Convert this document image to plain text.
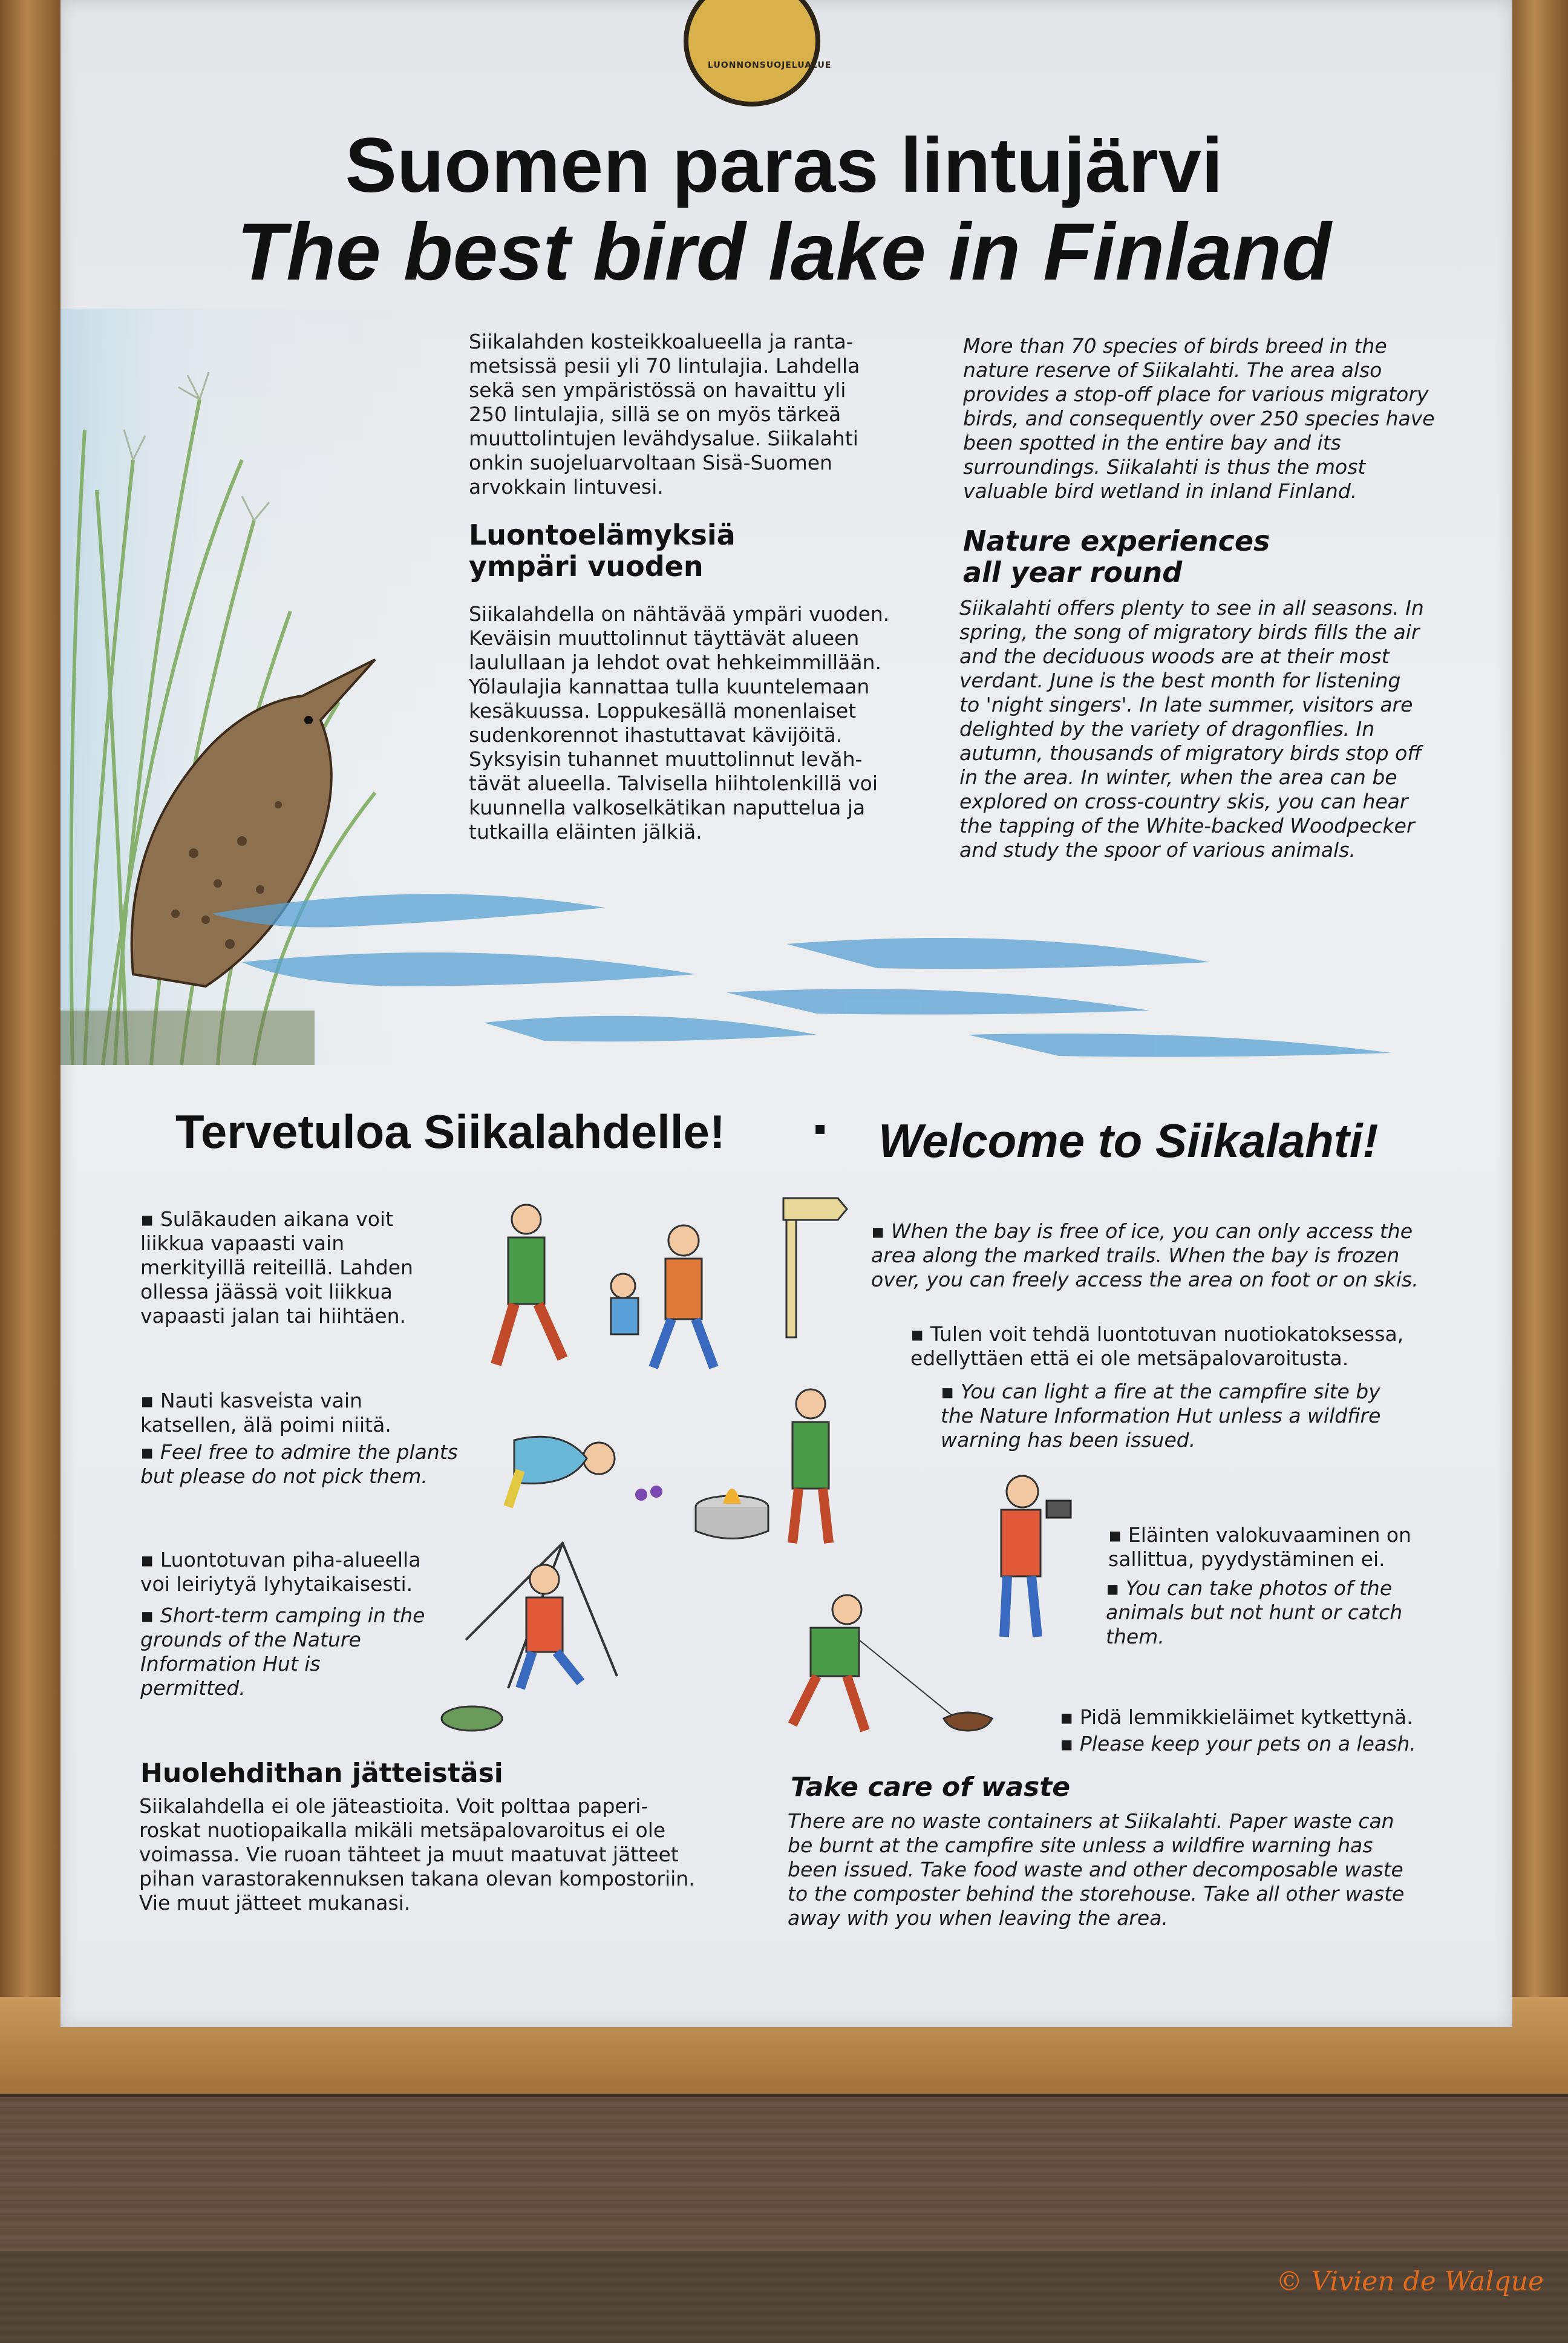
LUONNONSUOJELUALUE
Suomen paras lintujärvi
The best bird lake in Finland

Siikalahden kosteikkoalueella ja ranta-
metsissä pesii yli 70 lintulajia. Lahdella
sekä sen ympäristössä on havaittu yli
250 lintulajia, sillä se on myös tärkeä
muuttolintujen levähdysalue. Siikalahti
onkin suojeluarvoltaan Sisä-Suomen
arvokkain lintuvesi.

More than 70 species of birds breed in the
nature reserve of Siikalahti. The area also
provides a stop-off place for various migratory
birds, and consequently over 250 species have
been spotted in the entire bay and its
surroundings. Siikalahti is thus the most
valuable bird wetland in inland Finland.

Luontoelämyksiä
ympäri vuoden

Nature experiences
all year round

Siikalahdella on nähtävää ympäri vuoden.
Keväisin muuttolinnut täyttävät alueen
laulullaan ja lehdot ovat hehkeimmillään.
Yölaulajia kannattaa tulla kuuntelemaan
kesäkuussa. Loppukesällä monenlaiset
sudenkorennot ihastuttavat kävijöitä.
Syksyisin tuhannet muuttolinnut levăh-
tävät alueella. Talvisella hiihtolenkillä voi
kuunnella valkoselkätikan naputtelua ja
tutkailla eläinten jälkiä.

Siikalahti offers plenty to see in all seasons. In
spring, the song of migratory birds fills the air
and the deciduous woods are at their most
verdant. June is the best month for listening
to 'night singers'. In late summer, visitors are
delighted by the variety of dragonflies. In
autumn, thousands of migratory birds stop off
in the area. In winter, when the area can be
explored on cross-country skis, you can hear
the tapping of the White-backed Woodpecker
and study the spoor of various animals.

Tervetuloa Siikalahdelle! ▪ Welcome to Siikalahti!

▪ Sulākauden aikana voit
liikkua vapaasti vain
merkityillä reiteillä. Lahden
ollessa jäässä voit liikkua
vapaasti jalan tai hiihtäen.

▪ When the bay is free of ice, you can only access the
area along the marked trails. When the bay is frozen
over, you can freely access the area on foot or on skis.

▪ Nauti kasveista vain
katsellen, älä poimi niitä.

▪ Feel free to admire the plants
but please do not pick them.

▪ Tulen voit tehdä luontotuvan nuotiokatoksessa,
edellyttäen että ei ole metsäpalovaroitusta.

▪ You can light a fire at the campfire site by
the Nature Information Hut unless a wildfire
warning has been issued.

▪ Luontotuvan piha-alueella
voi leiriytyä lyhytaikaisesti.

▪ Short-term camping in the
grounds of the Nature
Information Hut is
permitted.

▪ Eläinten valokuvaaminen on
sallittua, pyydystäminen ei.

▪ You can take photos of the
animals but not hunt or catch
them.

▪ Pidä lemmikkieläimet kytkettynä.

▪ Please keep your pets on a leash.

Huolehdithan jätteistäsi

Siikalahdella ei ole jäteastioita. Voit polttaa paperi-
roskat nuotiopaikalla mikäli metsäpalovaroitus ei ole
voimassa. Vie ruoan tähteet ja muut maatuvat jätteet
pihan varastorakennuksen takana olevan kompostoriin.
Vie muut jätteet mukanasi.

Take care of waste

There are no waste containers at Siikalahti. Paper waste can
be burnt at the campfire site unless a wildfire warning has
been issued. Take food waste and other decomposable waste
to the composter behind the storehouse. Take all other waste
away with you when leaving the area.

© Vivien de Walque
